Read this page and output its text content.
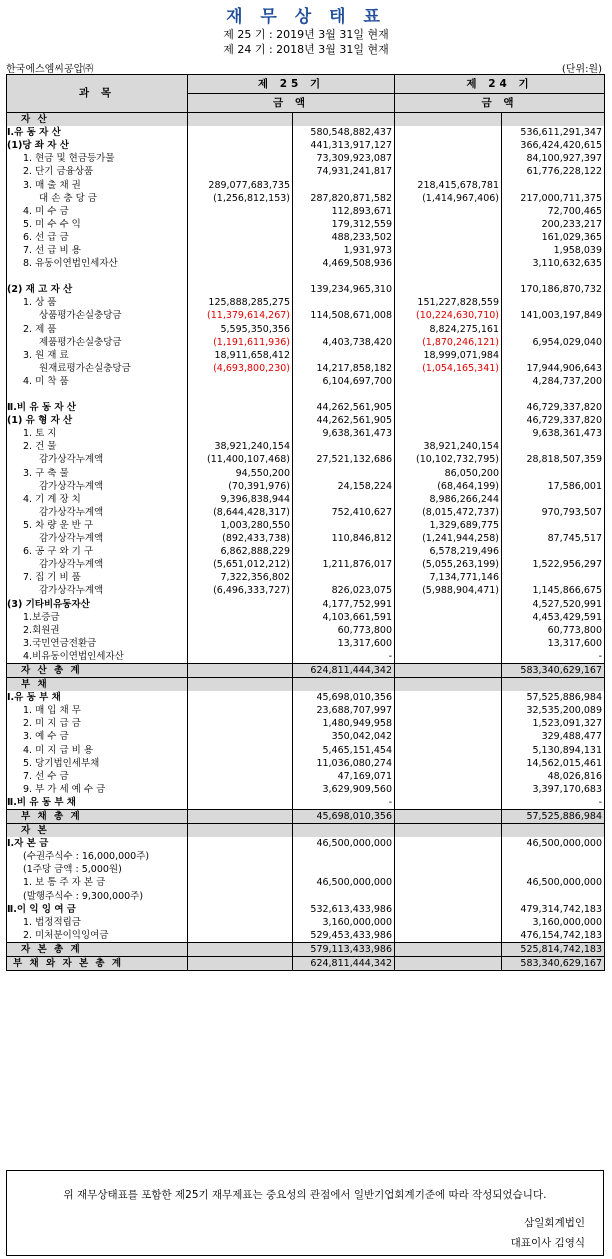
재 무 상 태 표
제 25 기 : 2019년 3월 31일 현재
제 24 기 : 2018년 3월 31일 현재
한국에스엠씨공압㈜	(단위:원)
과 목	제 25 기		제 24 기	
	금 액		금 액	
자 산				
Ⅰ.유 동 자 산		580,548,882,437		536,611,291,347
(1)당 좌 자 산		441,313,917,127		366,424,420,615
1. 현금 및 현금등가물		73,309,923,087		84,100,927,397
2. 단기 금융상품		74,931,241,817		61,776,228,122
3. 매 출 채 권	289,077,683,735		218,415,678,781	
대 손 충 당 금	(1,256,812,153)	287,820,871,582	(1,414,967,406)	217,000,711,375
4. 미 수 금		112,893,671		72,700,465
5. 미 수 수 익		179,312,559		200,233,217
6. 선 급 금		488,233,502		161,029,365
7. 선 급 비 용		1,931,973		1,958,039
8. 유동이연법인세자산		4,469,508,936		3,110,632,635

(2) 재 고 자 산		139,234,965,310		170,186,870,732
1. 상 품	125,888,285,275		151,227,828,559	
상품평가손실충당금	(11,379,614,267)	114,508,671,008	(10,224,630,710)	141,003,197,849
2. 제 품	5,595,350,356		8,824,275,161	
제품평가손실충당금	(1,191,611,936)	4,403,738,420	(1,870,246,121)	6,954,029,040
3. 원 재 료	18,911,658,412		18,999,071,984	
원재료평가손실충당금	(4,693,800,230)	14,217,858,182	(1,054,165,341)	17,944,906,643
4. 미 착 품		6,104,697,700		4,284,737,200

Ⅱ.비 유 동 자 산		44,262,561,905		46,729,337,820
(1) 유 형 자 산		44,262,561,905		46,729,337,820
1. 토 지		9,638,361,473		9,638,361,473
2. 건 물	38,921,240,154		38,921,240,154	
감가상각누계액	(11,400,107,468)	27,521,132,686	(10,102,732,795)	28,818,507,359
3. 구 축 물	94,550,200		86,050,200	
감가상각누계액	(70,391,976)	24,158,224	(68,464,199)	17,586,001
4. 기 계 장 치	9,396,838,944		8,986,266,244	
감가상각누계액	(8,644,428,317)	752,410,627	(8,015,472,737)	970,793,507
5. 차 량 운 반 구	1,003,280,550		1,329,689,775	
감가상각누계액	(892,433,738)	110,846,812	(1,241,944,258)	87,745,517
6. 공 구 와 기 구	6,862,888,229		6,578,219,496	
감가상각누계액	(5,651,012,212)	1,211,876,017	(5,055,263,199)	1,522,956,297
7. 집 기 비 품	7,322,356,802		7,134,771,146	
감가상각누계액	(6,496,333,727)	826,023,075	(5,988,904,471)	1,145,866,675
(3) 기타비유동자산		4,177,752,991		4,527,520,991
1.보증금		4,103,661,591		4,453,429,591
2.회원권		60,773,800		60,773,800
3.국민연금전환금		13,317,600		13,317,600
4.비유동이연법인세자산		-		-
자 산 총 계		624,811,444,342		583,340,629,167
부 채				
Ⅰ.유 동 부 채		45,698,010,356		57,525,886,984
1. 매 입 채 무		23,688,707,997		32,535,200,089
2. 미 지 급 금		1,480,949,958		1,523,091,327
3. 예 수 금		350,042,042		329,488,477
4. 미 지 급 비 용		5,465,151,454		5,130,894,131
5. 당기법인세부채		11,036,080,274		14,562,015,461
7. 선 수 금		47,169,071		48,026,816
9. 부 가 세 예 수 금		3,629,909,560		3,397,170,683
Ⅱ.비 유 동 부 채		-		-
부 채 총 계		45,698,010,356		57,525,886,984
자 본				
Ⅰ.자 본 금		46,500,000,000		46,500,000,000
(수권주식수 : 16,000,000주)				
(1주당 금액 : 5,000원)				
1. 보 통 주 자 본 금		46,500,000,000		46,500,000,000
(발행주식수 : 9,300,000주)				
Ⅱ.이 익 잉 여 금		532,613,433,986		479,314,742,183
1. 법정적립금		3,160,000,000		3,160,000,000
2. 미처분이익잉여금		529,453,433,986		476,154,742,183
자 본 총 계		579,113,433,986		525,814,742,183
부 채 와 자 본 총 계		624,811,444,342		583,340,629,167
위 재무상태표를 포함한 제25기 재무제표는 중요성의 관점에서 일반기업회계기준에 따라 작성되었습니다.
삼일회계법인
대표이사 김영식
